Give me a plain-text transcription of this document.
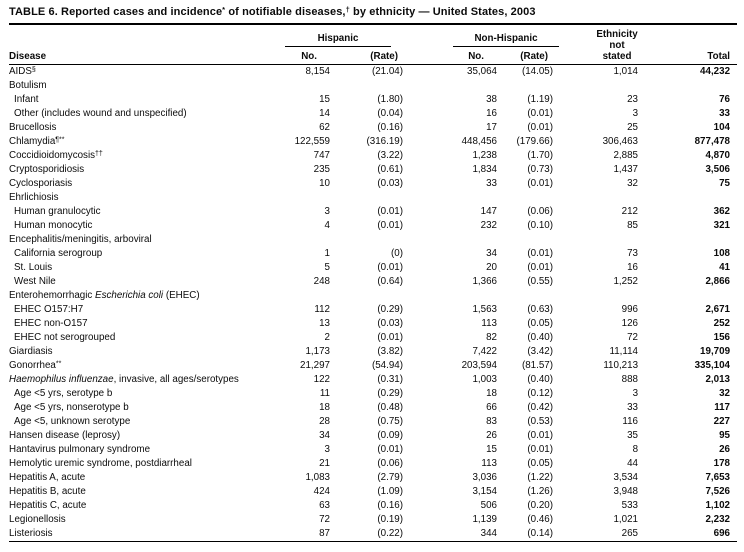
TABLE 6. Reported cases and incidence* of notifiable diseases,† by ethnicity — United States, 2003
Disease	Hispanic		Non-Hispanic		Ethnicity
not
stated	Total
	No.	(Rate)	No.	(Rate)		
AIDS§	8,154	(21.04)	35,064	(14.05)	1,014	44,232
Botulism						
Infant	15	(1.80)	38	(1.19)	23	76
Other (includes wound and unspecified)	14	(0.04)	16	(0.01)	3	33
Brucellosis	62	(0.16)	17	(0.01)	25	104
Chlamydia¶**	122,559	(316.19)	448,456	(179.66)	306,463	877,478
Coccidioidomycosis††	747	(3.22)	1,238	(1.70)	2,885	4,870
Cryptosporidiosis	235	(0.61)	1,834	(0.73)	1,437	3,506
Cyclosporiasis	10	(0.03)	33	(0.01)	32	75
Ehrlichiosis						
Human granulocytic	3	(0.01)	147	(0.06)	212	362
Human monocytic	4	(0.01)	232	(0.10)	85	321
Encephalitis/meningitis, arboviral						
California serogroup	1	(0)	34	(0.01)	73	108
St. Louis	5	(0.01)	20	(0.01)	16	41
West Nile	248	(0.64)	1,366	(0.55)	1,252	2,866
Enterohemorrhagic Escherichia coli (EHEC)						
EHEC O157:H7	112	(0.29)	1,563	(0.63)	996	2,671
EHEC non-O157	13	(0.03)	113	(0.05)	126	252
EHEC not serogrouped	2	(0.01)	82	(0.40)	72	156
Giardiasis	1,173	(3.82)	7,422	(3.42)	11,114	19,709
Gonorrhea**	21,297	(54.94)	203,594	(81.57)	110,213	335,104
Haemophilus influenzae, invasive, all ages/serotypes	122	(0.31)	1,003	(0.40)	888	2,013
Age <5 yrs, serotype b	11	(0.29)	18	(0.12)	3	32
Age <5 yrs, nonserotype b	18	(0.48)	66	(0.42)	33	117
Age <5, unknown serotype	28	(0.75)	83	(0.53)	116	227
Hansen disease (leprosy)	34	(0.09)	26	(0.01)	35	95
Hantavirus pulmonary syndrome	3	(0.01)	15	(0.01)	8	26
Hemolytic uremic syndrome, postdiarrheal	21	(0.06)	113	(0.05)	44	178
Hepatitis A, acute	1,083	(2.79)	3,036	(1.22)	3,534	7,653
Hepatitis B, acute	424	(1.09)	3,154	(1.26)	3,948	7,526
Hepatitis C, acute	63	(0.16)	506	(0.20)	533	1,102
Legionellosis	72	(0.19)	1,139	(0.46)	1,021	2,232
Listeriosis	87	(0.22)	344	(0.14)	265	696
